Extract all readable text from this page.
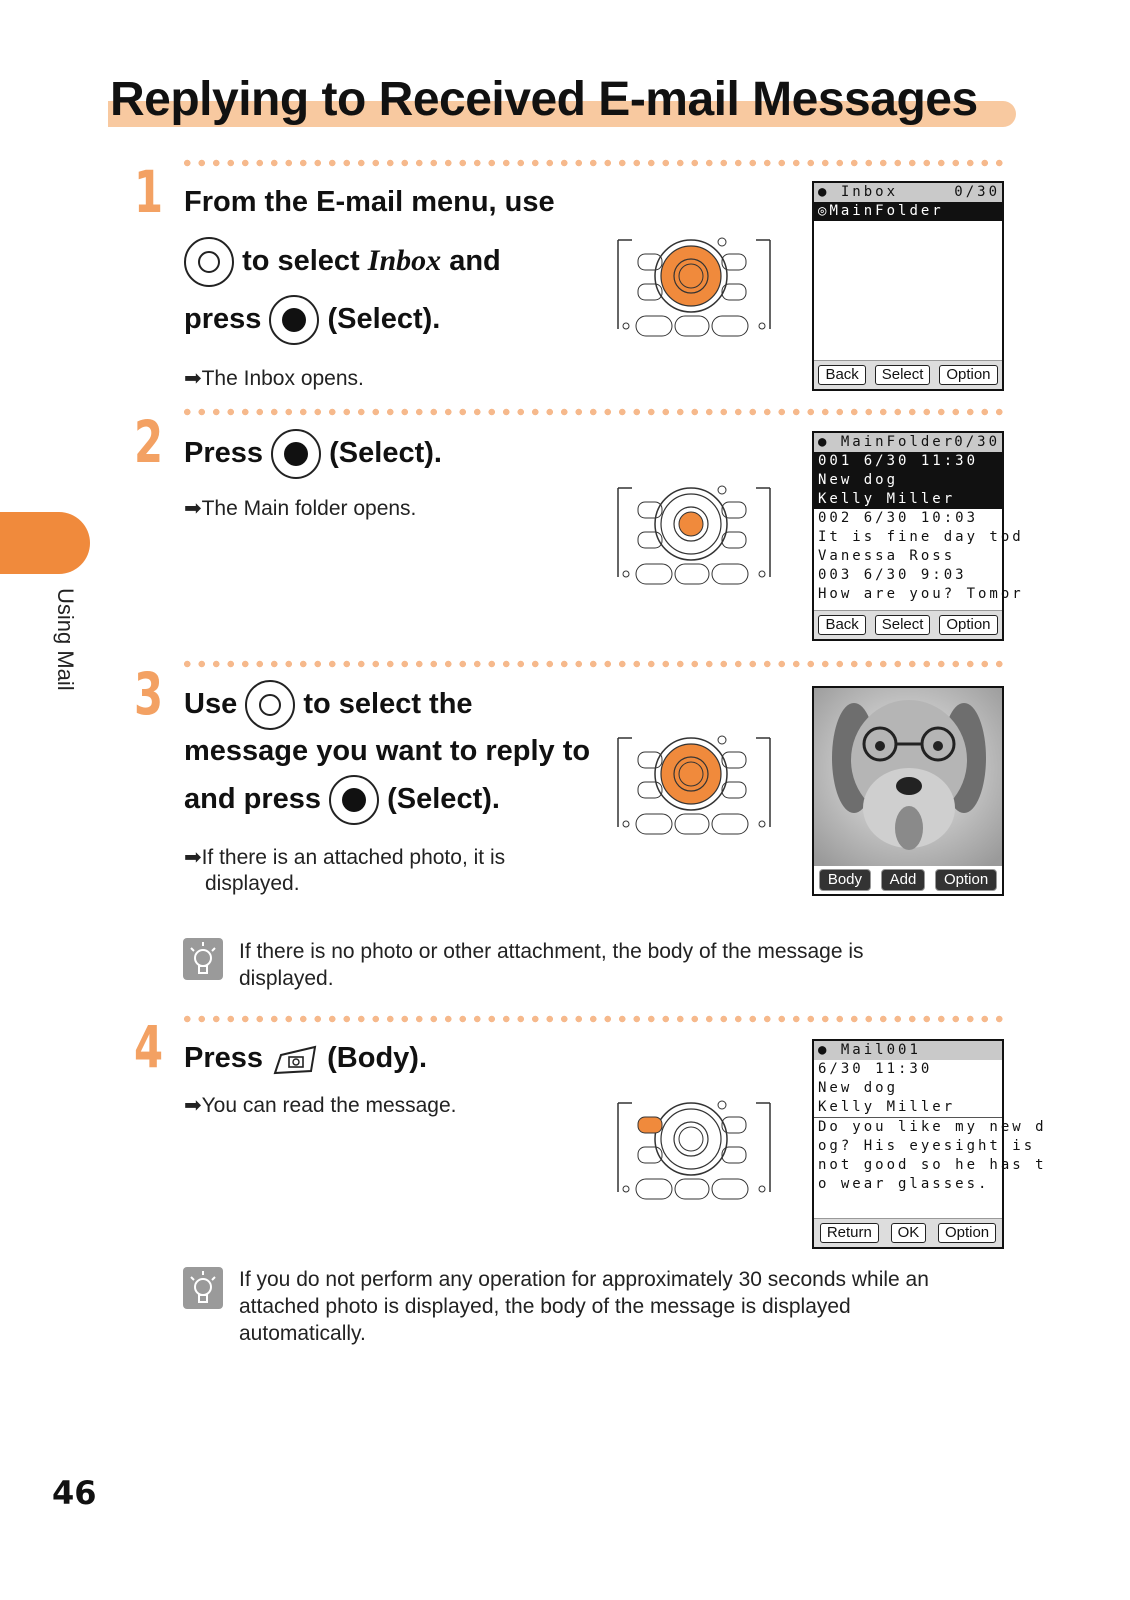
Replying to Received E-mail Messages
Using Mail
1 From the E-mail menu, use
to select Inbox and
press (Select).
➡The Inbox opens.
● Inbox	0/30
◎MainFolder
Back	Select	Option
2 Press (Select).
➡The Main folder opens.
● MainFolder 0/30
001 6/30 11:30
New dog
Kelly Miller
002 6/30 10:03
It is fine day tod
Vanessa Ross
003 6/30 9:03
How are you? Tomor
Back	Select	Option
3 Use to select the
message you want to reply to
and press (Select).
➡If there is an attached photo, it is
displayed.	Body	Add	Option
If there is no photo or other attachment, the body of the message is
displayed.
4 Press (Body).
➡You can read the message.
● Mail001
6/30 11:30
New dog
Kelly Miller
Do you like my new d
og? His eyesight is
not good so he has t
o wear glasses.
Return	OK	Option
If you do not perform any operation for approximately 30 seconds while an
attached photo is displayed, the body of the message is displayed
automatically.
46
